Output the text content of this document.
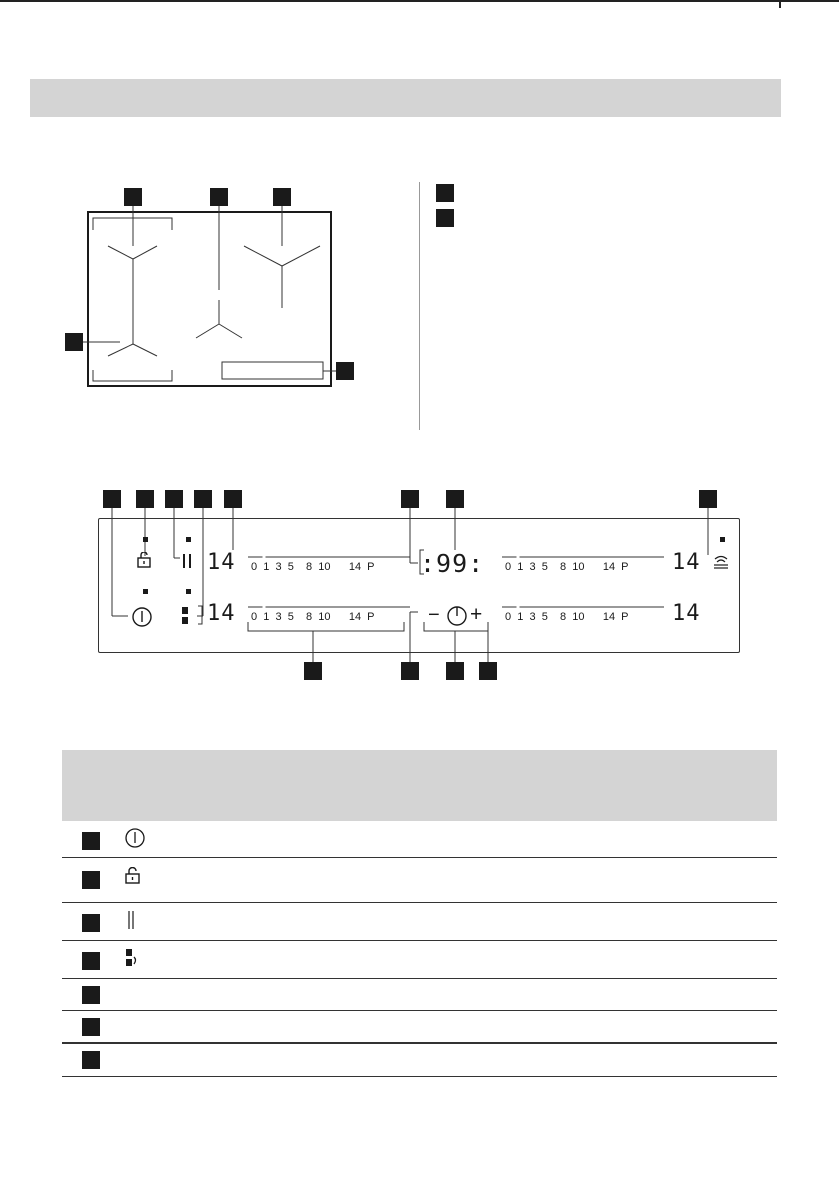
− +
14
14
14
14
:99:
0  1  3  5    8  10      14  P
0  1  3  5    8  10      14  P
0  1  3  5    8  10      14  P
0  1  3  5    8  10      14  P
